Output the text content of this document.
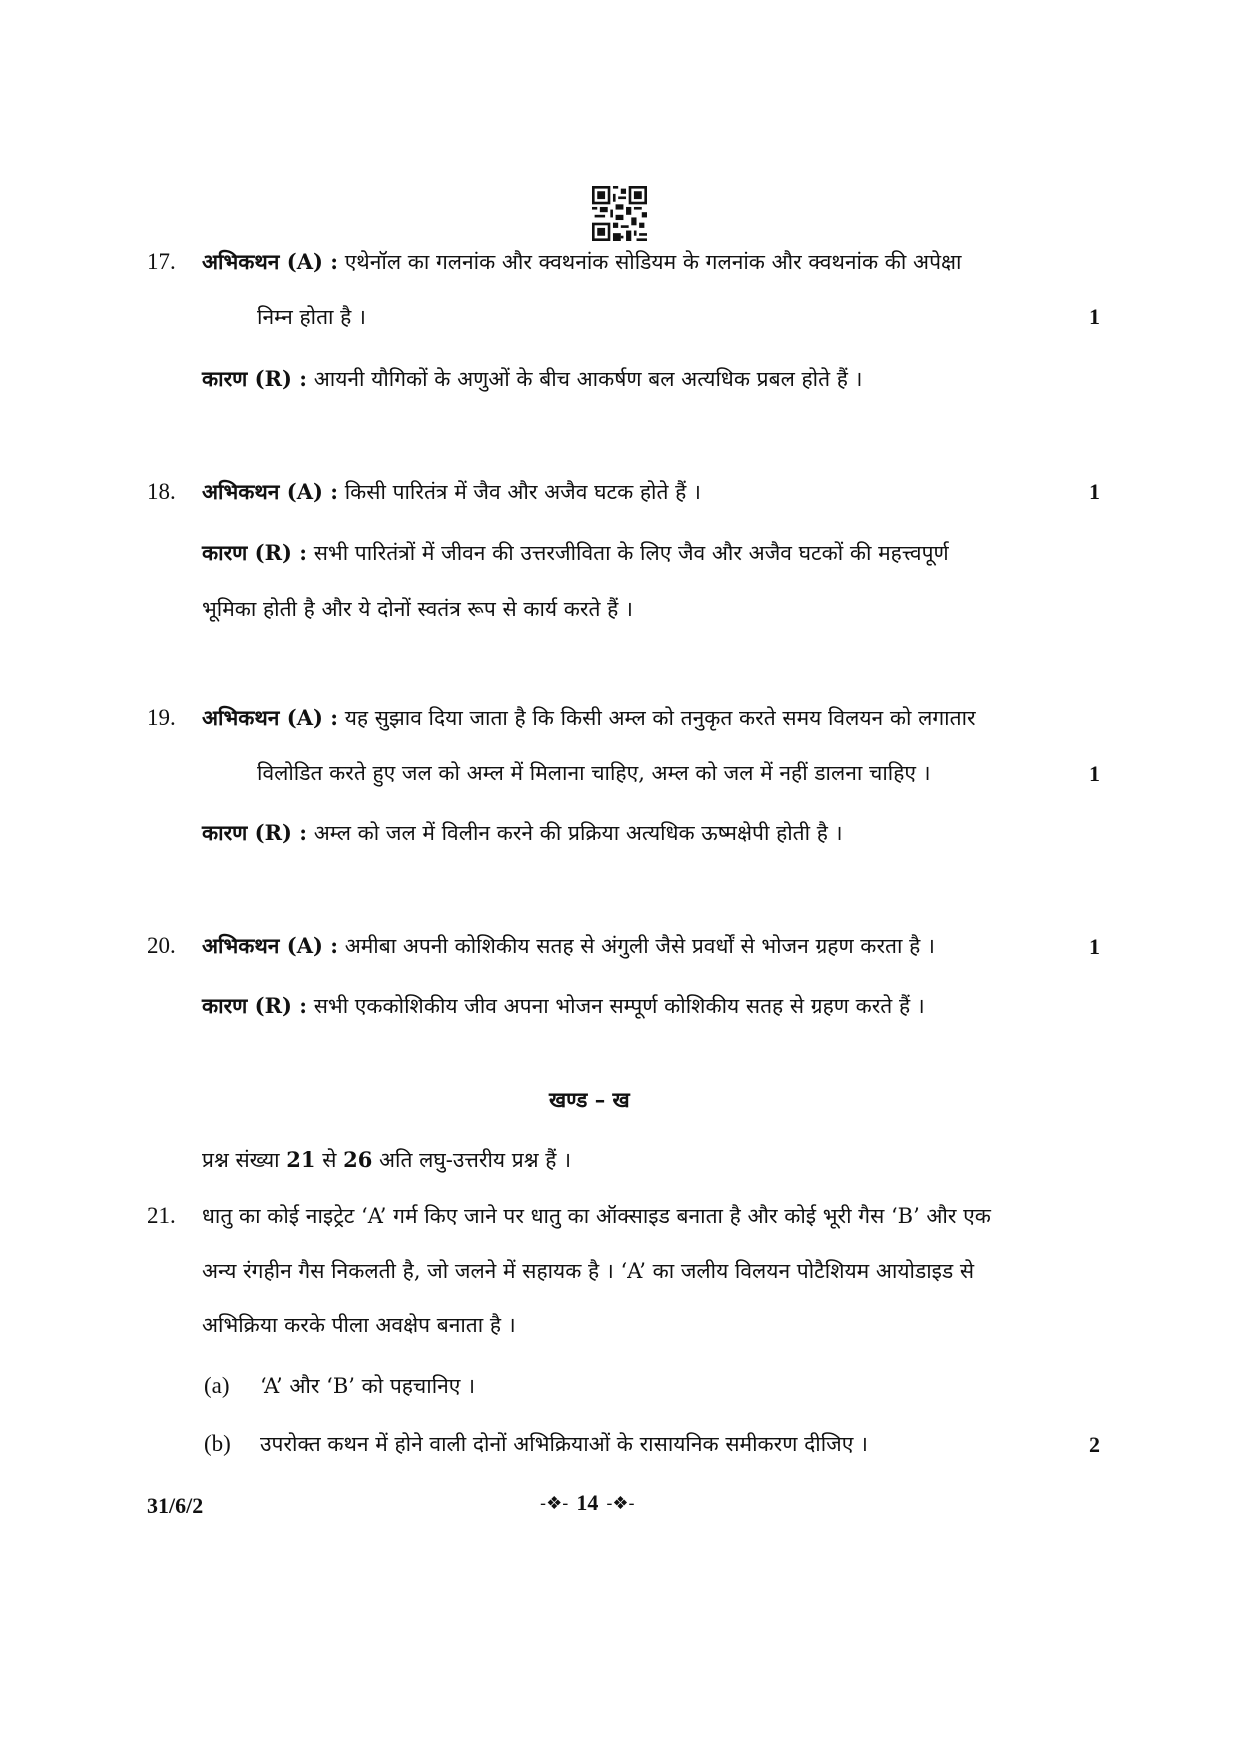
17. अभिकथन (A) : एथेनॉल का गलनांक और क्वथनांक सोडियम के गलनांक और क्वथनांक की अपेक्षा
निम्न होता है ।	1
कारण (R) : आयनी यौगिकों के अणुओं के बीच आकर्षण बल अत्यधिक प्रबल होते हैं ।
18. अभिकथन (A) : किसी पारितंत्र में जैव और अजैव घटक होते हैं ।	1
कारण (R) : सभी पारितंत्रों में जीवन की उत्तरजीविता के लिए जैव और अजैव घटकों की महत्त्वपूर्ण
भूमिका होती है और ये दोनों स्वतंत्र रूप से कार्य करते हैं ।
19. अभिकथन (A) : यह सुझाव दिया जाता है कि किसी अम्ल को तनुकृत करते समय विलयन को लगातार
विलोडित करते हुए जल को अम्ल में मिलाना चाहिए, अम्ल को जल में नहीं डालना चाहिए ।	1
कारण (R) : अम्ल को जल में विलीन करने की प्रक्रिया अत्यधिक ऊष्मक्षेपी होती है ।
20. अभिकथन (A) : अमीबा अपनी कोशिकीय सतह से अंगुली जैसे प्रवर्धों से भोजन ग्रहण करता है ।	1
कारण (R) : सभी एककोशिकीय जीव अपना भोजन सम्पूर्ण कोशिकीय सतह से ग्रहण करते हैं ।
खण्ड – ख
प्रश्न संख्या 21 से 26 अति लघु-उत्तरीय प्रश्न हैं ।
21. धातु का कोई नाइट्रेट ‘A’ गर्म किए जाने पर धातु का ऑक्साइड बनाता है और कोई भूरी गैस ‘B’ और एक
अन्य रंगहीन गैस निकलती है, जो जलने में सहायक है । ‘A’ का जलीय विलयन पोटैशियम आयोडाइड से
अभिक्रिया करके पीला अवक्षेप बनाता है ।
(a) ‘A’ और ‘B’ को पहचानिए ।
(b) उपरोक्त कथन में होने वाली दोनों अभिक्रियाओं के रासायनिक समीकरण दीजिए ।	2
31/6/2	-❖- 14 -❖-
